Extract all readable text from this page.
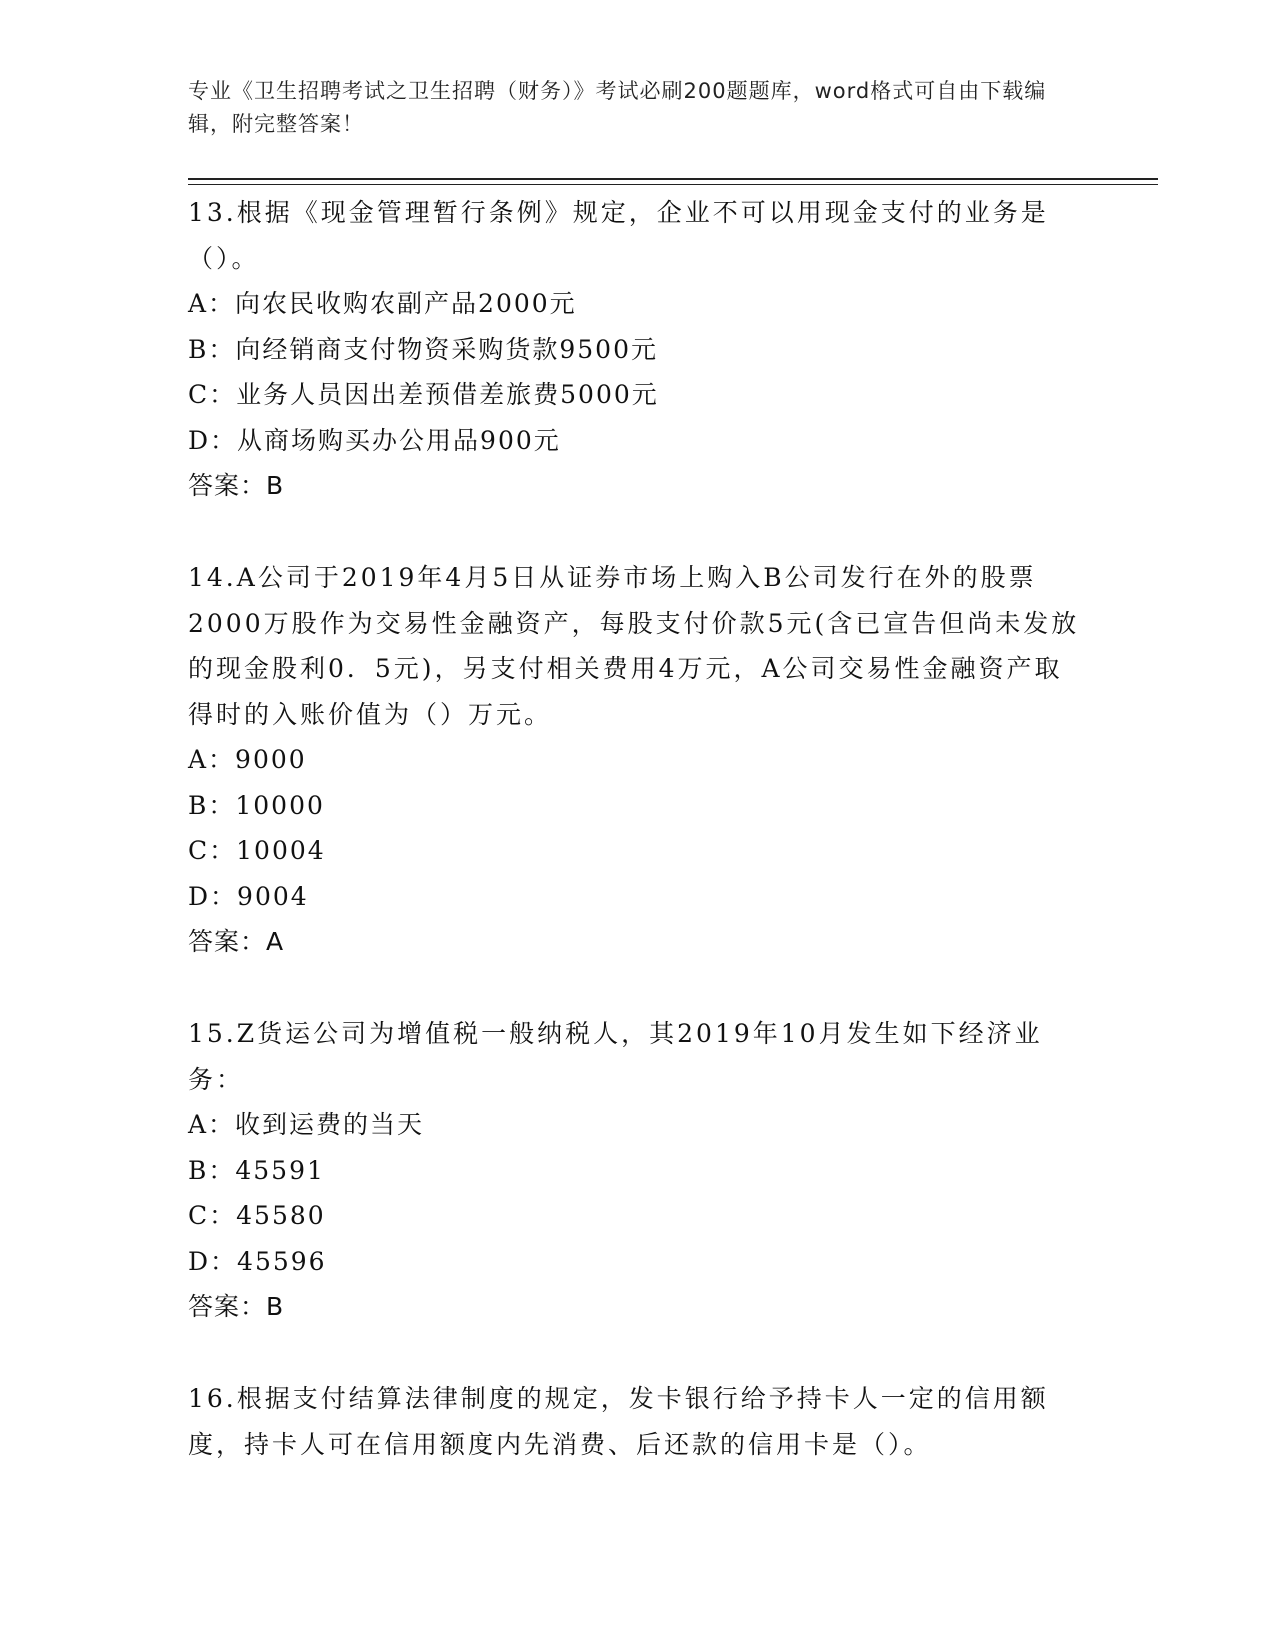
专业《卫生招聘考试之卫生招聘（财务）》考试必刷200题题库，word格式可自由下载编辑，附完整答案！

13.根据《现金管理暂行条例》规定，企业不可以用现金支付的业务是（）。

A：向农民收购农副产品2000元

B：向经销商支付物资采购货款9500元

C：业务人员因出差预借差旅费5000元

D：从商场购买办公用品900元

答案：B

14.A公司于2019年4月5日从证券市场上购入B公司发行在外的股票2000万股作为交易性金融资产，每股支付价款5元(含已宣告但尚未发放的现金股利0．5元)，另支付相关费用4万元，A公司交易性金融资产取得时的入账价值为（）万元。

A：9000

B：10000

C：10004

D：9004

答案：A

15.Z货运公司为增值税一般纳税人，其2019年10月发生如下经济业务：

A：收到运费的当天

B：45591

C：45580

D：45596

答案：B

16.根据支付结算法律制度的规定，发卡银行给予持卡人一定的信用额度，持卡人可在信用额度内先消费、后还款的信用卡是（）。
